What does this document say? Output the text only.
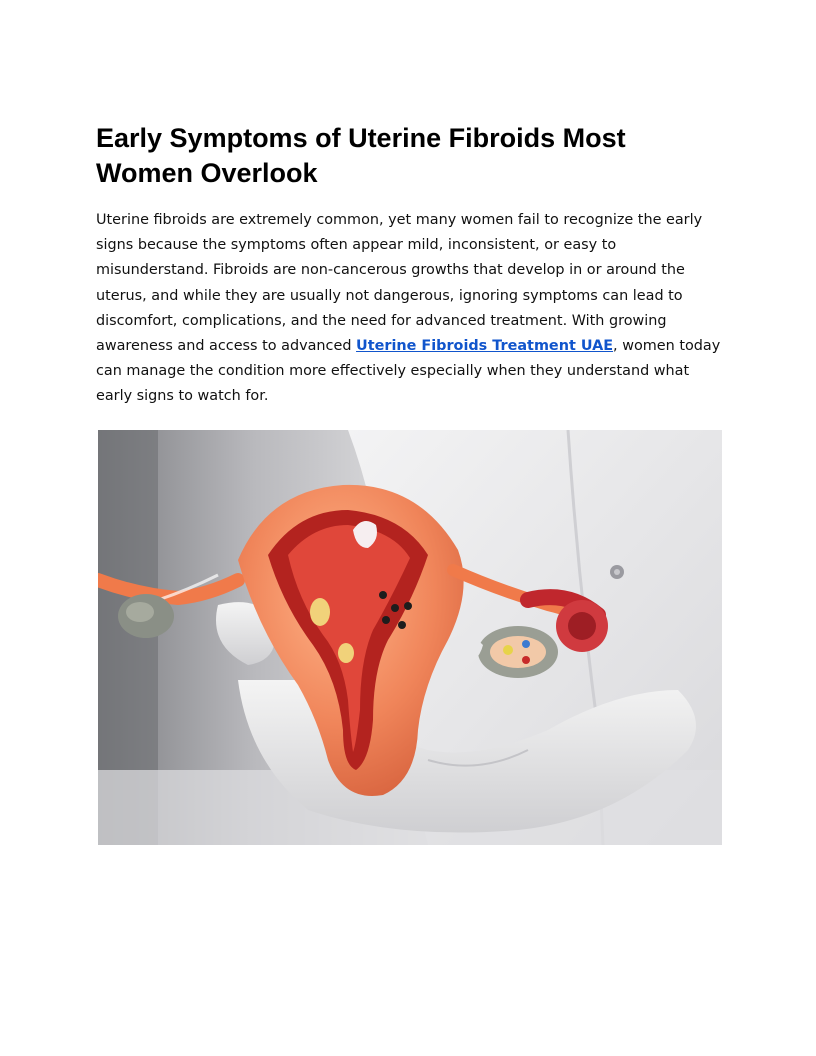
Early Symptoms of Uterine Fibroids Most Women Overlook

Uterine fibroids are extremely common, yet many women fail to recognize the early signs because the symptoms often appear mild, inconsistent, or easy to misunderstand. Fibroids are non-cancerous growths that develop in or around the uterus, and while they are usually not dangerous, ignoring symptoms can lead to discomfort, complications, and the need for advanced treatment. With growing awareness and access to advanced Uterine Fibroids Treatment UAE, women today can manage the condition more effectively especially when they understand what early signs to watch for.
